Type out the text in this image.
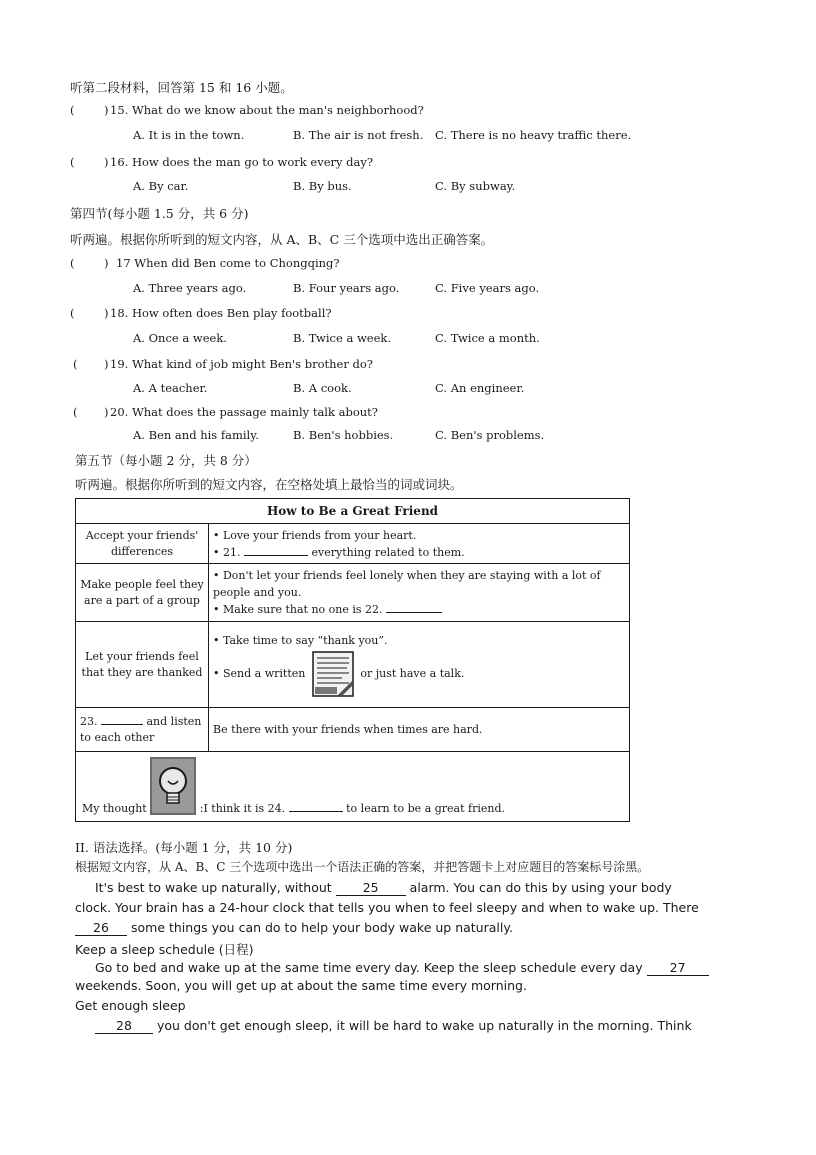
听第二段材料，回答第 15 和 16 小题。
(	) 15. What do we know about the man's neighborhood?
A. It is in the town.	B. The air is not fresh. C. There is no heavy traffic there.
(	) 16. How does the man go to work every day?
A. By car.	B. By bus.	C. By subway.
第四节(每小题 1.5 分，共 6 分)
听两遍。根据你所听到的短文内容，从 A、B、C 三个选项中选出正确答案。
(	) 17 When did Ben come to Chongqing?
A. Three years ago.	B. Four years ago.	C. Five years ago.
(	) 18. How often does Ben play football?
A. Once a week.	B. Twice a week.	C. Twice a month.
( ) 19. What kind of job might Ben's brother do?
A. A teacher.	B. A cook.	C. An engineer.
( ) 20. What does the passage mainly talk about?
A. Ben and his family.	B. Ben's hobbies.	C. Ben's problems.
第五节（每小题 2 分，共 8 分）
听两遍。根据你所听到的短文内容，在空格处填上最恰当的词或词块。
How to Be a Great Friend	
Accept your friends' differences	• Love your friends from your heart.
• 21. everything related to them.

Make people feel they are a part of a group	• Don't let your friends feel lonely when they are staying with a lot of people and you.
• Make sure that no one is 22.

Let your friends feel that they are thanked	• Take time to say “thank you”.
• Send a written or just have a talk.

23. and listen to each other	Be there with your friends when times are hard.
My thought :I think it is 24. to learn to be a great friend.	
II. 语法选择。(每小题 1 分，共 10 分)
根据短文内容，从 A、B、C 三个选项中选出一个语法正确的答案，并把答题卡上对应题目的答案标号涂黑。
It's best to wake up naturally, without 25 alarm. You can do this by using your body
clock. Your brain has a 24-hour clock that tells you when to feel sleepy and when to wake up. There
26 some things you can do to help your body wake up naturally.
Keep a sleep schedule (日程)
Go to bed and wake up at the same time every day. Keep the sleep schedule every day 27
weekends. Soon, you will get up at about the same time every morning.
Get enough sleep
28 you don't get enough sleep, it will be hard to wake up naturally in the morning. Think
